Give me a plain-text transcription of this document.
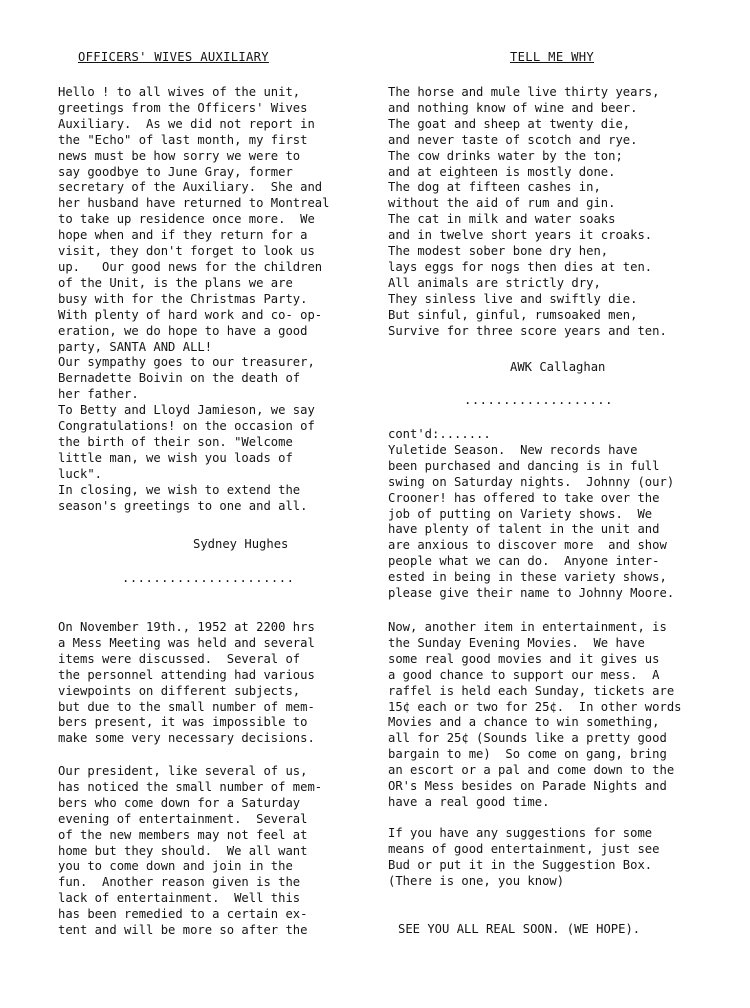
OFFICERS' WIVES AUXILIARY
Hello ! to all wives of the unit,
greetings from the Officers' Wives
Auxiliary.  As we did not report in
the "Echo" of last month, my first
news must be how sorry we were to
say goodbye to June Gray, former
secretary of the Auxiliary.  She and
her husband have returned to Montreal
to take up residence once more.  We
hope when and if they return for a
visit, they don't forget to look us
up.   Our good news for the children
of the Unit, is the plans we are
busy with for the Christmas Party.
With plenty of hard work and co- op-
eration, we do hope to have a good
party, SANTA AND ALL!
Our sympathy goes to our treasurer,
Bernadette Boivin on the death of
her father.
To Betty and Lloyd Jamieson, we say
Congratulations! on the occasion of
the birth of their son. "Welcome
little man, we wish you loads of
luck".
In closing, we wish to extend the
season's greetings to one and all.
Sydney Hughes
......................
On November 19th., 1952 at 2200 hrs
a Mess Meeting was held and several
items were discussed.  Several of
the personnel attending had various
viewpoints on different subjects,
but due to the small number of mem-
bers present, it was impossible to
make some very necessary decisions.
Our president, like several of us,
has noticed the small number of mem-
bers who come down for a Saturday
evening of entertainment.  Several
of the new members may not feel at
home but they should.  We all want
you to come down and join in the
fun.  Another reason given is the
lack of entertainment.  Well this
has been remedied to a certain ex-
tent and will be more so after the
TELL ME WHY
The horse and mule live thirty years,
and nothing know of wine and beer.
The goat and sheep at twenty die,
and never taste of scotch and rye.
The cow drinks water by the ton;
and at eighteen is mostly done.
The dog at fifteen cashes in,
without the aid of rum and gin.
The cat in milk and water soaks
and in twelve short years it croaks.
The modest sober bone dry hen,
lays eggs for nogs then dies at ten.
All animals are strictly dry,
They sinless live and swiftly die.
But sinful, ginful, rumsoaked men,
Survive for three score years and ten.
AWK Callaghan
...................
cont'd:.......
Yuletide Season.  New records have
been purchased and dancing is in full
swing on Saturday nights.  Johnny (our)
Crooner! has offered to take over the
job of putting on Variety shows.  We
have plenty of talent in the unit and
are anxious to discover more  and show
people what we can do.  Anyone inter-
ested in being in these variety shows,
please give their name to Johnny Moore.
Now, another item in entertainment, is
the Sunday Evening Movies.  We have
some real good movies and it gives us
a good chance to support our mess.  A
raffel is held each Sunday, tickets are
15¢ each or two for 25¢.  In other words
Movies and a chance to win something,
all for 25¢ (Sounds like a pretty good
bargain to me)  So come on gang, bring
an escort or a pal and come down to the
OR's Mess besides on Parade Nights and
have a real good time.
If you have any suggestions for some
means of good entertainment, just see
Bud or put it in the Suggestion Box.
(There is one, you know)
SEE YOU ALL REAL SOON. (WE HOPE).
